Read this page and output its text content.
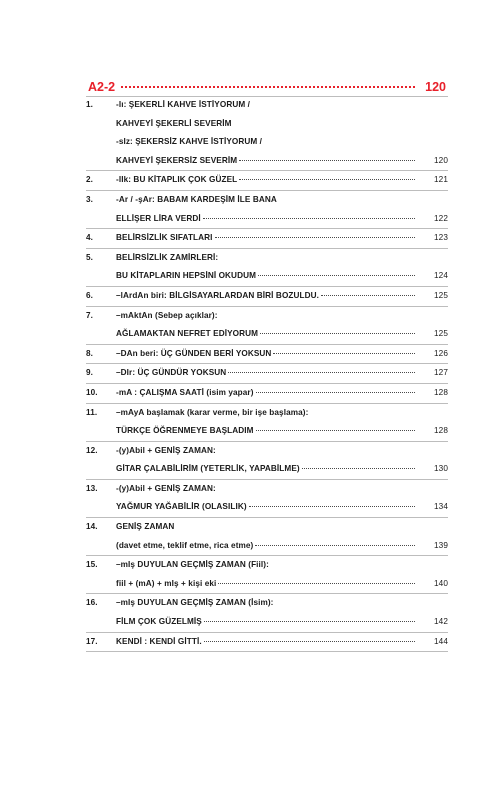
A2-2	120
1.	-lı: ŞEKERLİ KAHVE İSTİYORUM /
KAHVEYİ ŞEKERLİ SEVERİM
-sIz: ŞEKERSİZ KAHVE İSTİYORUM /
KAHVEYİ ŞEKERSİZ SEVERİM	120
2.	-lIk: BU KİTAPLIK ÇOK GÜZEL	121
3.	-Ar / -şAr: BABAM KARDEŞİM İLE BANA
ELLİŞER LİRA VERDİ	122
4.	BELİRSİZLİK SIFATLARI	123
5.	BELİRSİZLİK ZAMİRLERİ:
BU KİTAPLARIN HEPSİNİ OKUDUM	124
6.	–lArdAn biri: BİLGİSAYARLARDAN BİRİ BOZULDU.	125
7.	–mAktAn (Sebep açıklar):
AĞLAMAKTAN NEFRET EDİYORUM	125
8.	–DAn beri: ÜÇ GÜNDEN BERİ YOKSUN	126
9.	–DIr: ÜÇ GÜNDÜR YOKSUN	127
10.	-mA : ÇALIŞMA SAATİ (isim yapar)	128
11.	–mAyA başlamak (karar verme, bir işe başlama):
TÜRKÇE ÖĞRENMEYE BAŞLADIM	128
12.	-(y)Abil + GENİŞ ZAMAN:
GİTAR ÇALABİLİRİM (YETERLİK, YAPABİLME)	130
13.	-(y)Abil + GENİŞ ZAMAN:
YAĞMUR YAĞABİLİR (OLASILIK)	134
14.	GENİŞ ZAMAN
(davet etme, teklif etme, rica etme)	139
15.	–mIş DUYULAN GEÇMİŞ ZAMAN (Fiil):
fiil + (mA) + mIş + kişi eki	140
16.	–mIş DUYULAN GEÇMİŞ ZAMAN (İsim):
FİLM ÇOK GÜZELMİŞ	142
17.	KENDİ : KENDİ GİTTİ.	144
